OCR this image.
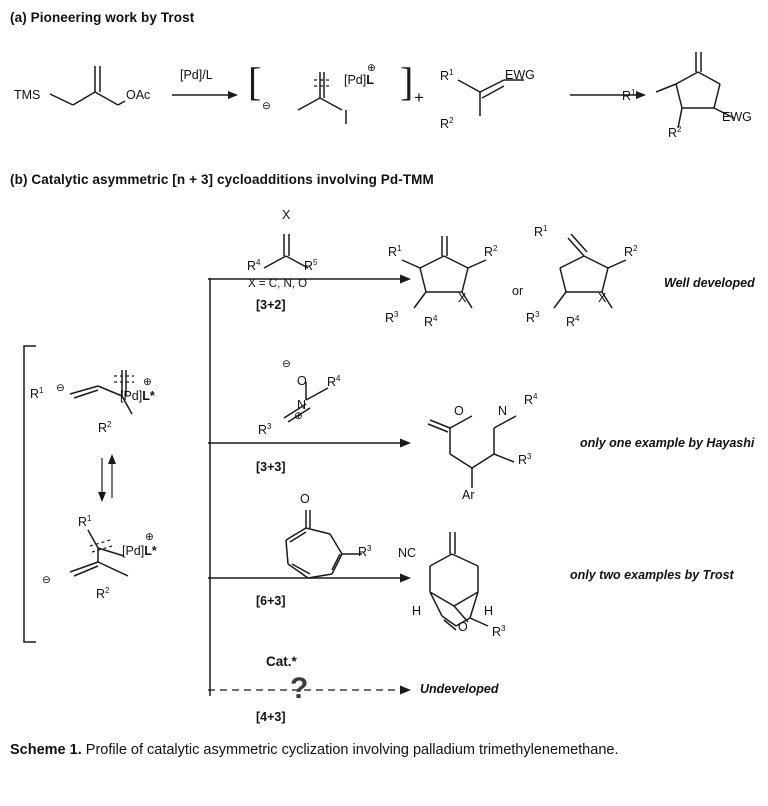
(a) Pioneering work by Trost
TMS	OAc
[Pd]/L [	]
⊖
[Pd]L
⊕
+
$R^1$
$R^2$
EWG
$R^1$
$R^2$
EWG
(b) Catalytic asymmetric [n + 3] cycloadditions involving Pd-TMM
$R^1$ ⊖
[Pd]L*
⊕
$R^2$
$R^1$
⊖
[Pd]L*
⊕
$R^2$
X
$R^4$	$R^5$
X = C, N, O
[3+2]
$R^1$	$R^2$
$R^3$
$R^4$
X	or
$R^1$
$R^2$
$R^3$
$R^4$
X
Well developed
⊖
O
N
⊕
$R^4$
$R^3$
[3+3]
O	N
$R^4$
$R^3$
Ar
only one example by Hayashi
O
$R^3$
[6+3]
NC
H	H
O $R^3$
only two examples by Trost
Cat.*
?
[4+3]
Undeveloped
Scheme 1. Profile of catalytic asymmetric cyclization involving palladium trimethylenemethane.
